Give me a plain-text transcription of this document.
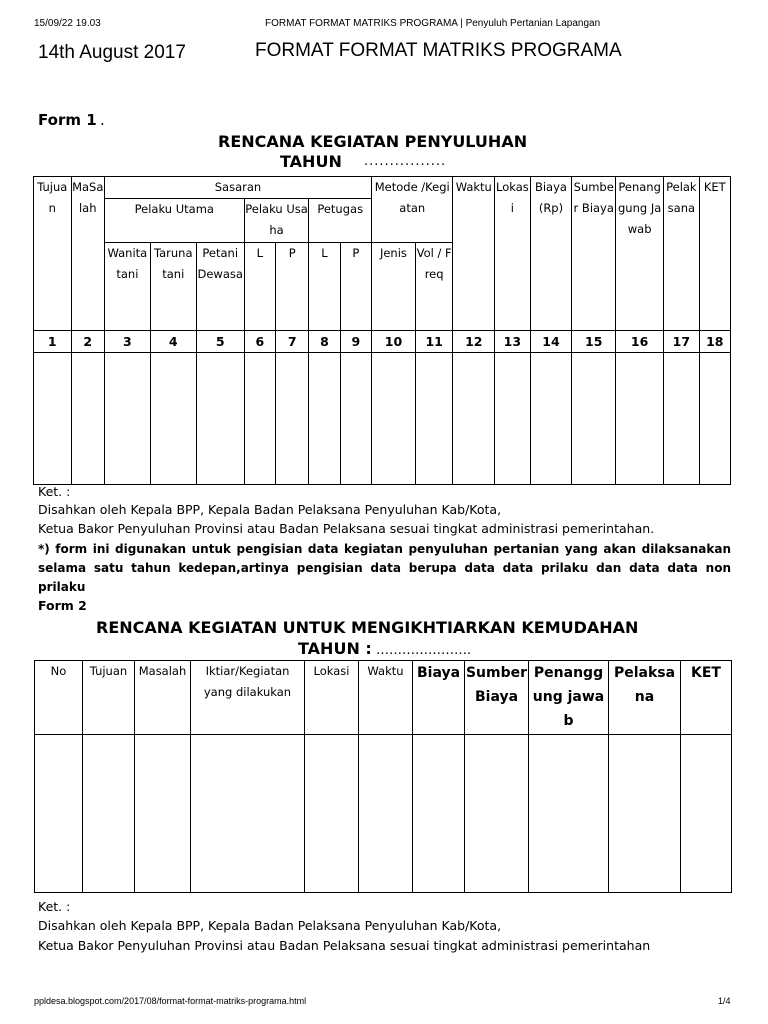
15/09/22 19.03	FORMAT FORMAT MATRIKS PROGRAMA | Penyuluh Pertanian Lapangan
14th August 2017	FORMAT FORMAT MATRIKS PROGRAMA
Form 1 .
RENCANA KEGIATAN PENYULUHAN
TAHUN ................
Tujuan	MaSalah	Sasaran							Metode /Kegiatan		Waktu	Lokasi	Biaya (Rp)	Sumber Biaya	Penanggung Jawab	Pelaksana	KET
		Pelaku Utama			Pelaku Usaha		Petugas										
		Wanita tani	Taruna tani	Petani Dewasa	L	P	L	P	Jenis	Vol / Freq							
1	2	3	4	5	6	7	8	9	10	11	12	13	14	15	16	17	18

Ket. :
Disahkan oleh Kepala BPP, Kepala Badan Pelaksana Penyuluhan Kab/Kota,
Ketua Bakor Penyuluhan Provinsi atau Badan Pelaksana sesuai tingkat administrasi pemerintahan.
*) form ini digunakan untuk pengisian data kegiatan penyuluhan pertanian yang akan dilaksanakan selama satu tahun kedepan,artinya pengisian data berupa data data prilaku dan data data non prilaku
Form 2
RENCANA KEGIATAN UNTUK MENGIKHTIARKAN KEMUDAHAN
TAHUN : ………………….
No	Tujuan	Masalah	Iktiar/Kegiatan yang dilakukan	Lokasi	Waktu	Biaya	Sumber Biaya	Penanggung jawab	Pelaksana	KET

Ket. :
Disahkan oleh Kepala BPP, Kepala Badan Pelaksana Penyuluhan Kab/Kota,
Ketua Bakor Penyuluhan Provinsi atau Badan Pelaksana sesuai tingkat administrasi pemerintahan
ppldesa.blogspot.com/2017/08/format-format-matriks-programa.html	1/4
